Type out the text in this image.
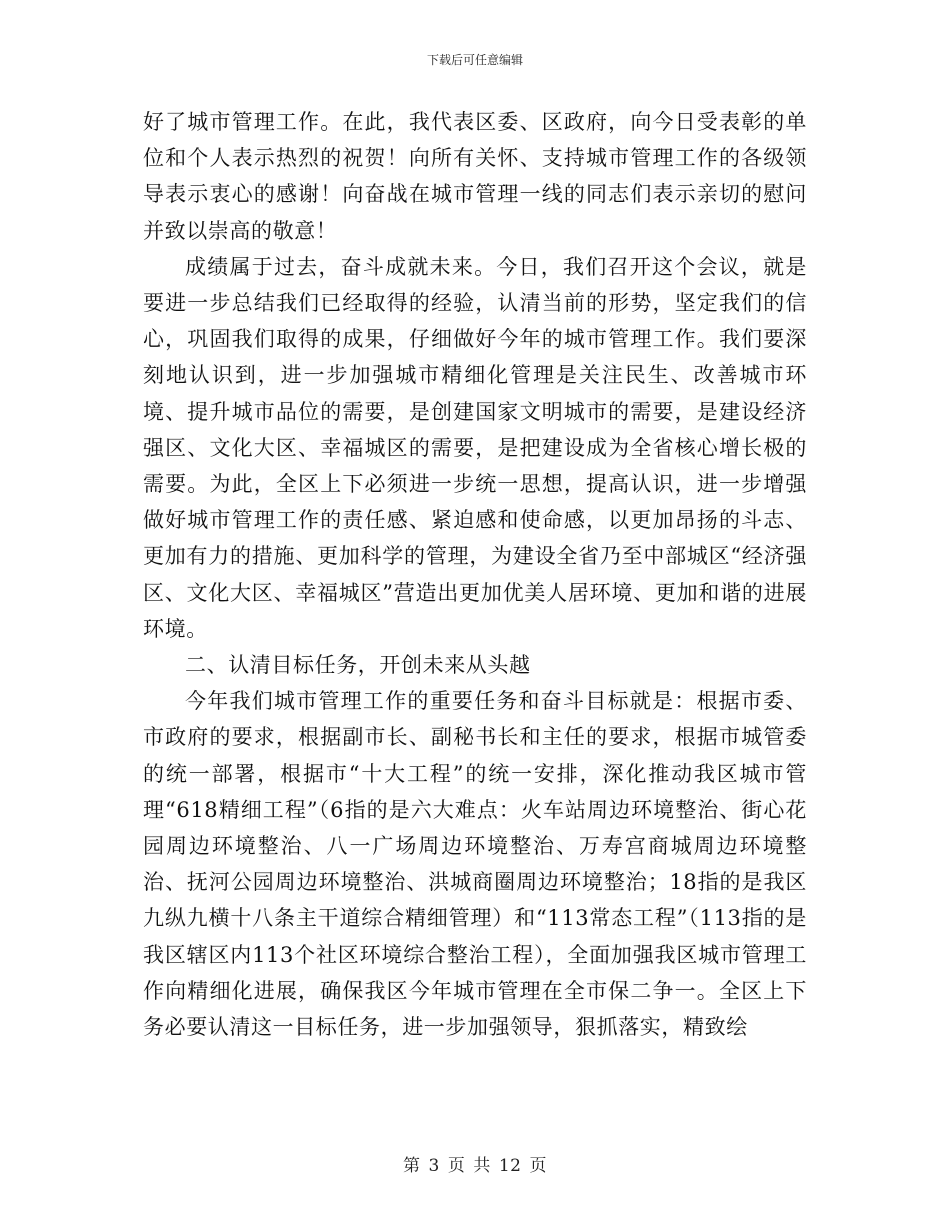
下载后可任意编辑

好了城市管理工作。在此，我代表区委、区政府，向今日受表彰的单位和个人表示热烈的祝贺！向所有关怀、支持城市管理工作的各级领导表示衷心的感谢！向奋战在城市管理一线的同志们表示亲切的慰问并致以崇高的敬意！

成绩属于过去，奋斗成就未来。今日，我们召开这个会议，就是要进一步总结我们已经取得的经验，认清当前的形势，坚定我们的信心，巩固我们取得的成果，仔细做好今年的城市管理工作。我们要深刻地认识到，进一步加强城市精细化管理是关注民生、改善城市环境、提升城市品位的需要，是创建国家文明城市的需要，是建设经济强区、文化大区、幸福城区的需要，是把建设成为全省核心增长极的需要。为此，全区上下必须进一步统一思想，提高认识，进一步增强做好城市管理工作的责任感、紧迫感和使命感，以更加昂扬的斗志、更加有力的措施、更加科学的管理，为建设全省乃至中部城区“经济强区、文化大区、幸福城区”营造出更加优美人居环境、更加和谐的进展环境。

二、认清目标任务，开创未来从头越

今年我们城市管理工作的重要任务和奋斗目标就是：根据市委、市政府的要求，根据副市长、副秘书长和主任的要求，根据市城管委的统一部署，根据市“十大工程”的统一安排，深化推动我区城市管理“618精细工程”（6指的是六大难点：火车站周边环境整治、街心花园周边环境整治、八一广场周边环境整治、万寿宫商城周边环境整治、抚河公园周边环境整治、洪城商圈周边环境整治；18指的是我区九纵九横十八条主干道综合精细管理）和“113常态工程”（113指的是我区辖区内113个社区环境综合整治工程），全面加强我区城市管理工作向精细化进展，确保我区今年城市管理在全市保二争一。全区上下务必要认清这一目标任务，进一步加强领导，狠抓落实，精致绘

第 3 页 共 12 页
